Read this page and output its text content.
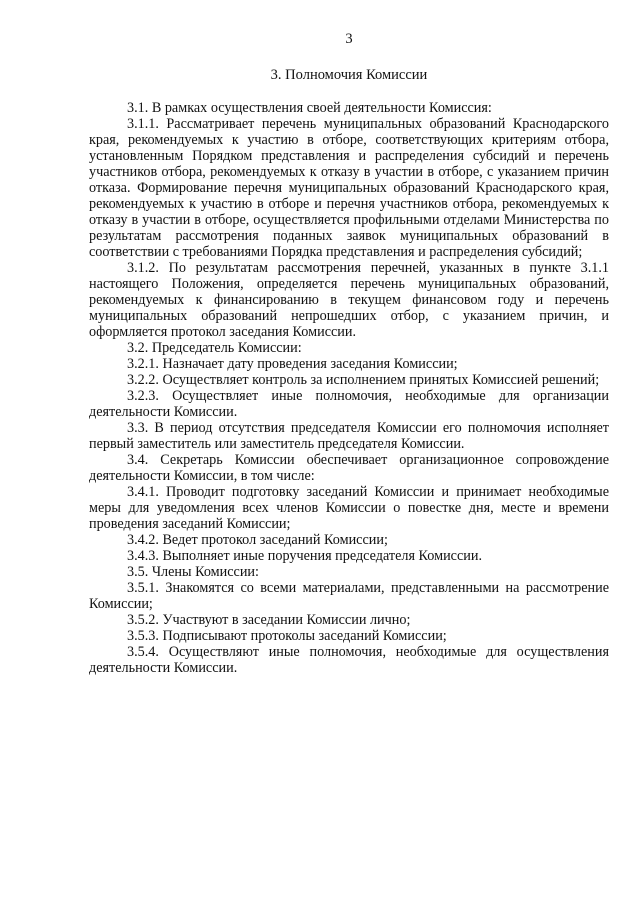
3
3. Полномочия Комиссии

3.1. В рамках осуществления своей деятельности Комиссия:

3.1.1. Рассматривает перечень муниципальных образований Краснодарского края, рекомендуемых к участию в отборе, соответствующих критериям отбора, установленным Порядком представления и распределения субсидий и перечень участников отбора, рекомендуемых к отказу в участии в отборе, с указанием причин отказа. Формирование перечня муниципальных образований Краснодарского края, рекомендуемых к участию в отборе и перечня участников отбора, рекомендуемых к отказу в участии в отборе, осуществляется профильными отделами Министерства по результатам рассмотрения поданных заявок муниципальных образований в соответствии с требованиями Порядка представления и распределения субсидий;

3.1.2. По результатам рассмотрения перечней, указанных в пункте 3.1.1 настоящего Положения, определяется перечень муниципальных образований, рекомендуемых к финансированию в текущем финансовом году и перечень муниципальных образований непрошедших отбор, с указанием причин, и оформляется протокол заседания Комиссии.

3.2. Председатель Комиссии:

3.2.1. Назначает дату проведения заседания Комиссии;

3.2.2. Осуществляет контроль за исполнением принятых Комиссией решений;

3.2.3. Осуществляет иные полномочия, необходимые для организации деятельности Комиссии.

3.3. В период отсутствия председателя Комиссии его полномочия исполняет первый заместитель или заместитель председателя Комиссии.

3.4. Секретарь Комиссии обеспечивает организационное сопровождение деятельности Комиссии, в том числе:

3.4.1. Проводит подготовку заседаний Комиссии и принимает необходимые меры для уведомления всех членов Комиссии о повестке дня, месте и времени проведения заседаний Комиссии;

3.4.2. Ведет протокол заседаний Комиссии;

3.4.3. Выполняет иные поручения председателя Комиссии.

3.5. Члены Комиссии:

3.5.1. Знакомятся со всеми материалами, представленными на рассмотрение Комиссии;

3.5.2. Участвуют в заседании Комиссии лично;

3.5.3. Подписывают протоколы заседаний Комиссии;

3.5.4. Осуществляют иные полномочия, необходимые для осуществления деятельности Комиссии.
